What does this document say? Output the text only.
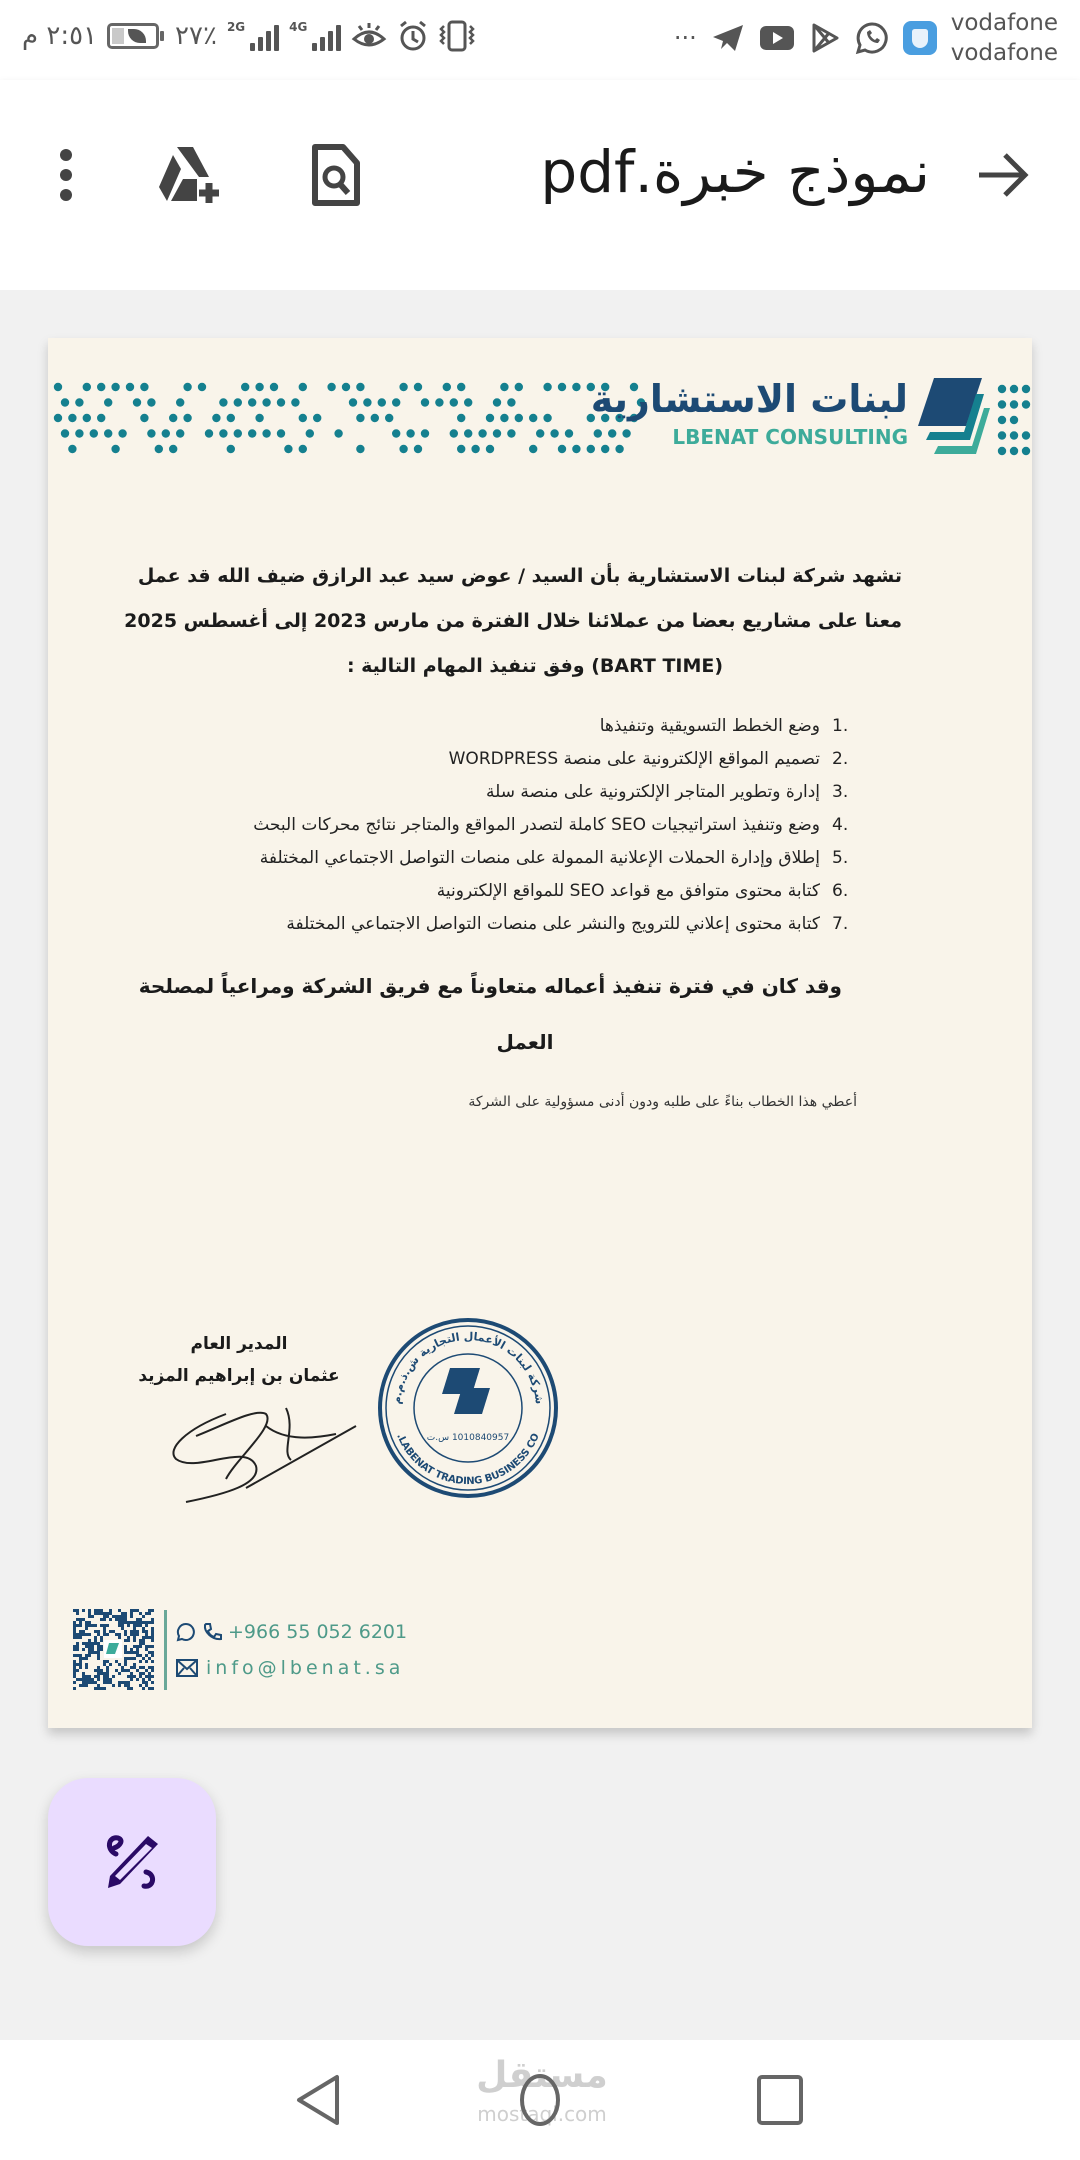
٢:٥١ م	٢٧٪ 2G	4G	···
vodafone
vodafone
نموذج خبرة.pdf
لبنات الاستشارية
LBENAT CONSULTING

تشهد شركة لبنات الاستشارية بأن السيد / عوض سيد عبد الرازق ضيف الله قد عمل

معنا على مشاريع بعضا من عملائنا خلال الفترة من مارس 2023 إلى أغسطس 2025

(BART TIME) وفق تنفيذ المهام التالية :

1.
وضع الخطط التسويقية وتنفيذها
2.
تصميم المواقع الإلكترونية على منصة WORDPRESS
3.
إدارة وتطوير المتاجر الإلكترونية على منصة سلة
4.
وضع وتنفيذ استراتيجيات SEO كاملة لتصدر المواقع والمتاجر نتائج محركات البحث
5.
إطلاق وإدارة الحملات الإعلانية الممولة على منصات التواصل الاجتماعي المختلفة
6.
كتابة محتوى متوافق مع قواعد SEO للمواقع الإلكترونية
7.
كتابة محتوى إعلاني للترويج والنشر على منصات التواصل الاجتماعي المختلفة

وقد كان في فترة تنفيذ أعماله متعاوناً مع فريق الشركة ومراعياً لمصلحة

العمل

أعطي هذا الخطاب بناءً على طلبه ودون أدنى مسؤولية على الشركة
المدير العام
عثمان بن إبراهيم المزيد
شركة لبنات الأعمال التجارية ش.ذ.م.م
LABENAT TRADING BUSINESS CO.
1010840957 س.ت
+966 55 052 6201
info@lbenat.sa
مستقل
mostaql.com
